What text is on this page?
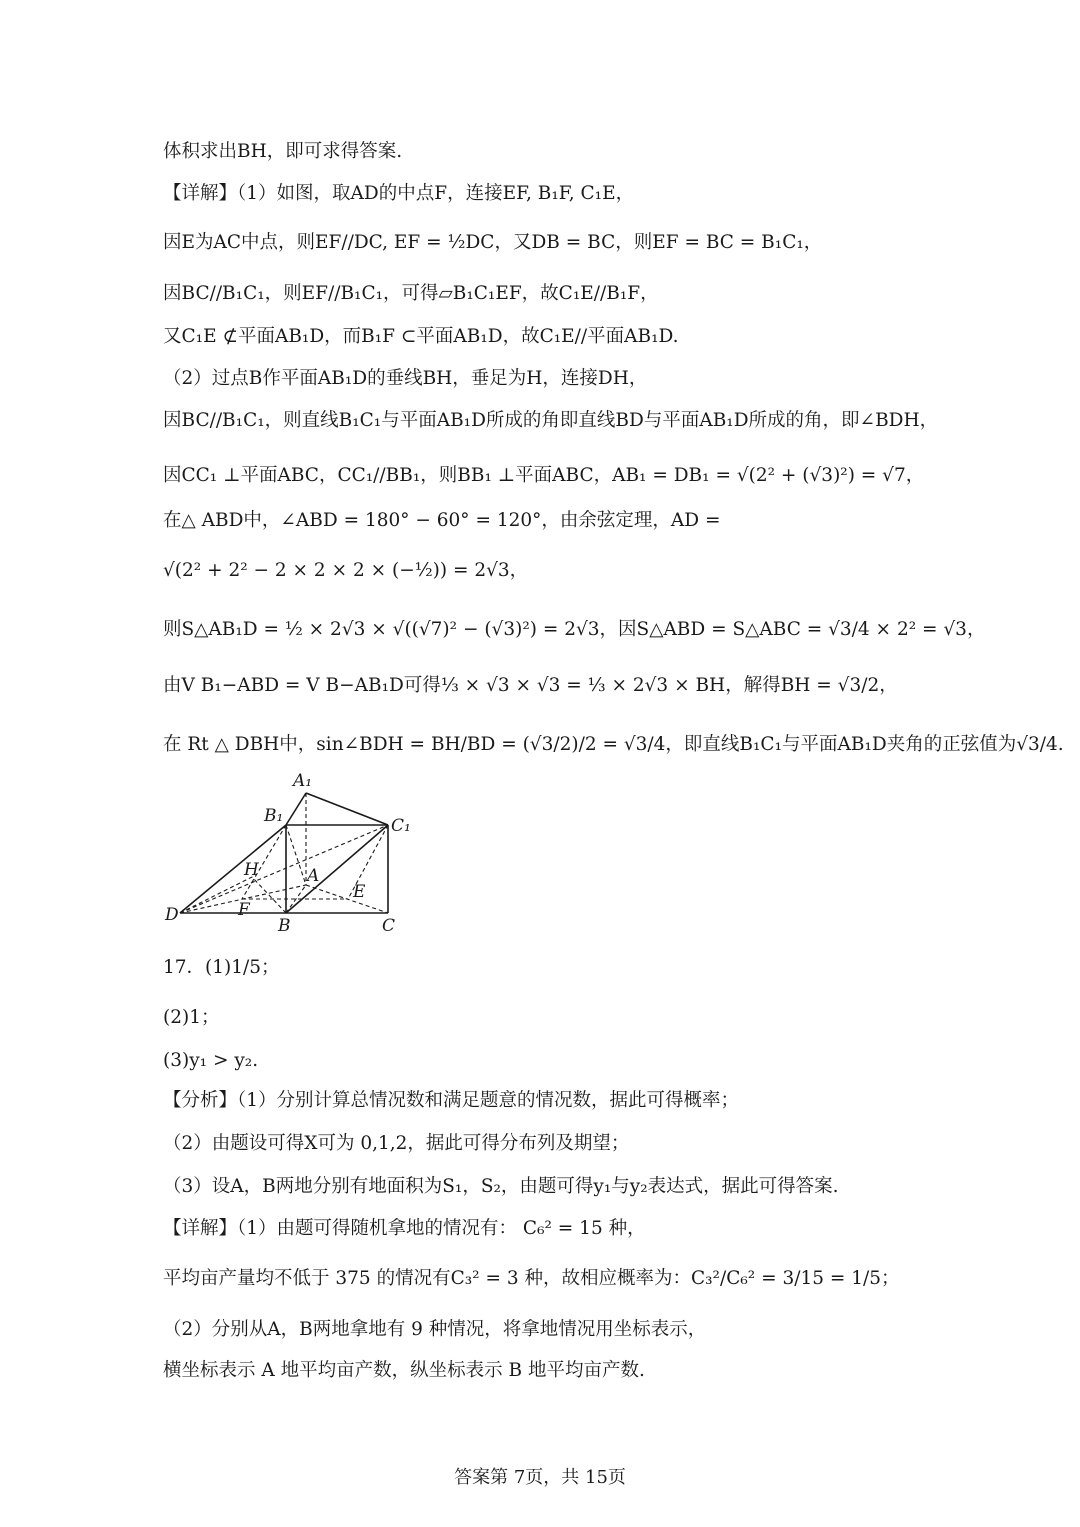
体积求出BH，即可求得答案.
【详解】（1）如图，取AD的中点F，连接EF, B₁F, C₁E，
因E为AC中点，则EF//DC, EF = ½DC，又DB = BC，则EF = BC = B₁C₁，
因BC//B₁C₁，则EF//B₁C₁，可得▱B₁C₁EF，故C₁E//B₁F，
又C₁E ⊄平面AB₁D，而B₁F ⊂平面AB₁D，故C₁E//平面AB₁D.
（2）过点B作平面AB₁D的垂线BH，垂足为H，连接DH，
因BC//B₁C₁，则直线B₁C₁与平面AB₁D所成的角即直线BD与平面AB₁D所成的角，即∠BDH，
因CC₁ ⊥平面ABC，CC₁//BB₁，则BB₁ ⊥平面ABC，AB₁ = DB₁ = √(2² + (√3)²) = √7，
在△ ABD中，∠ABD = 180° − 60° = 120°，由余弦定理，AD =
√(2² + 2² − 2 × 2 × 2 × (−½)) = 2√3，
则S△AB₁D = ½ × 2√3 × √((√7)² − (√3)²) = 2√3，因S△ABD = S△ABC = √3/4 × 2² = √3，
由V B₁−ABD = V B−AB₁D可得⅓ × √3 × √3 = ⅓ × 2√3 × BH，解得BH = √3/2，
在 Rt △ DBH中，sin∠BDH = BH/BD = (√3/2)/2 = √3/4，即直线B₁C₁与平面AB₁D夹角的正弦值为√3/4.
A₁
B₁	C₁
H	A
E
D	F
B	C
17．(1)1/5；
(2)1；
(3)y₁ > y₂.
【分析】（1）分别计算总情况数和满足题意的情况数，据此可得概率；
（2）由题设可得X可为 0,1,2，据此可得分布列及期望；
（3）设A，B两地分别有地面积为S₁，S₂，由题可得y₁与y₂表达式，据此可得答案.
【详解】（1）由题可得随机拿地的情况有： C₆² = 15 种，
平均亩产量均不低于 375 的情况有C₃² = 3 种，故相应概率为：C₃²/C₆² = 3/15 = 1/5；
（2）分别从A，B两地拿地有 9 种情况，将拿地情况用坐标表示，
横坐标表示 A 地平均亩产数，纵坐标表示 B 地平均亩产数.
答案第 7页，共 15页
